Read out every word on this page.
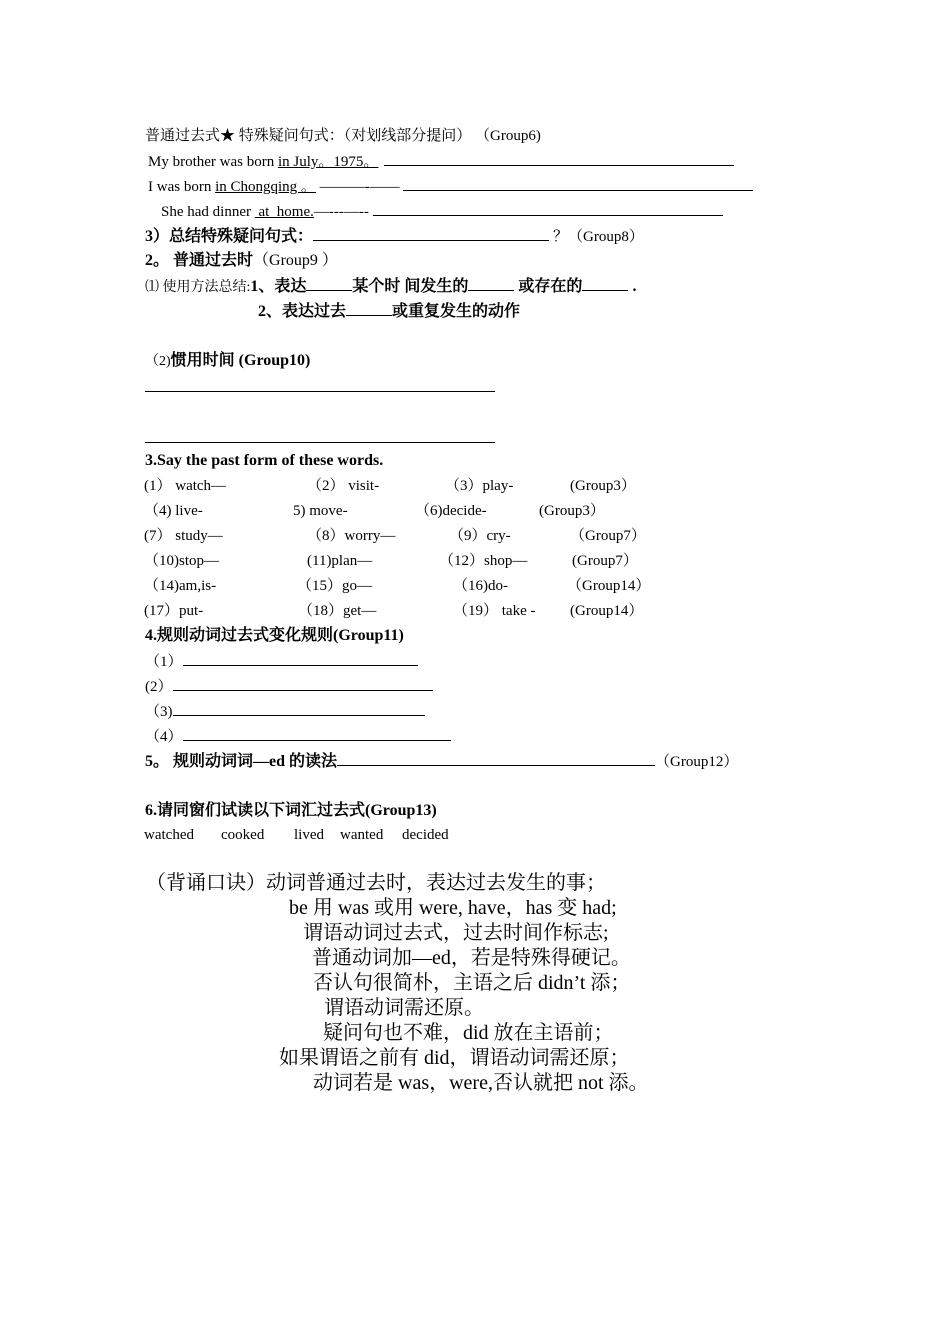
普通过去式★ 特殊疑问句式：（对划线部分提问） （Group6)
My brother was born in July。1975。
I was born in Chongqing 。 ———-——
She had dinner  at  home.—---—--
3）总结特殊疑问句式：	？（Group8）
2。 普通过去时（Group9 ）
⑴ 使用方法总结:1、表达	某个时 间发生的	或存在的	.
2、表达过去	或重复发生的动作
（2)惯用时间 (Group10)
3.Say the past form of these words.
(1） watch—	（2） visit-	（3）play-	(Group3）
（4) live-	5) move-	（6)decide-	(Group3）
(7） study—	（8）worry—	（9）cry-	（Group7）
（10)stop—	(11)plan—	（12）shop—	(Group7）
（14)am,is-	（15）go—	（16)do-	（Group14）
(17）put-	（18）get—	（19） take - (Group14）
4.规则动词过去式变化规则(Group11)
（1）
(2）
（3)
（4）
5。 规则动词词—ed 的读法	（Group12）
6.请同窗们试读以下词汇过去式(Group13)
watched cooked lived wanted decided
（背诵口诀）动词普通过去时，表达过去发生的事；
be 用 was 或用 were, have，has 变 had;
谓语动词过去式，过去时间作标志;
普通动词加—ed，若是特殊得硬记。
否认句很简朴，主语之后 didn’t 添；
谓语动词需还原。
疑问句也不难，did 放在主语前；
如果谓语之前有 did，谓语动词需还原；
动词若是 was，were,否认就把 not 添。
